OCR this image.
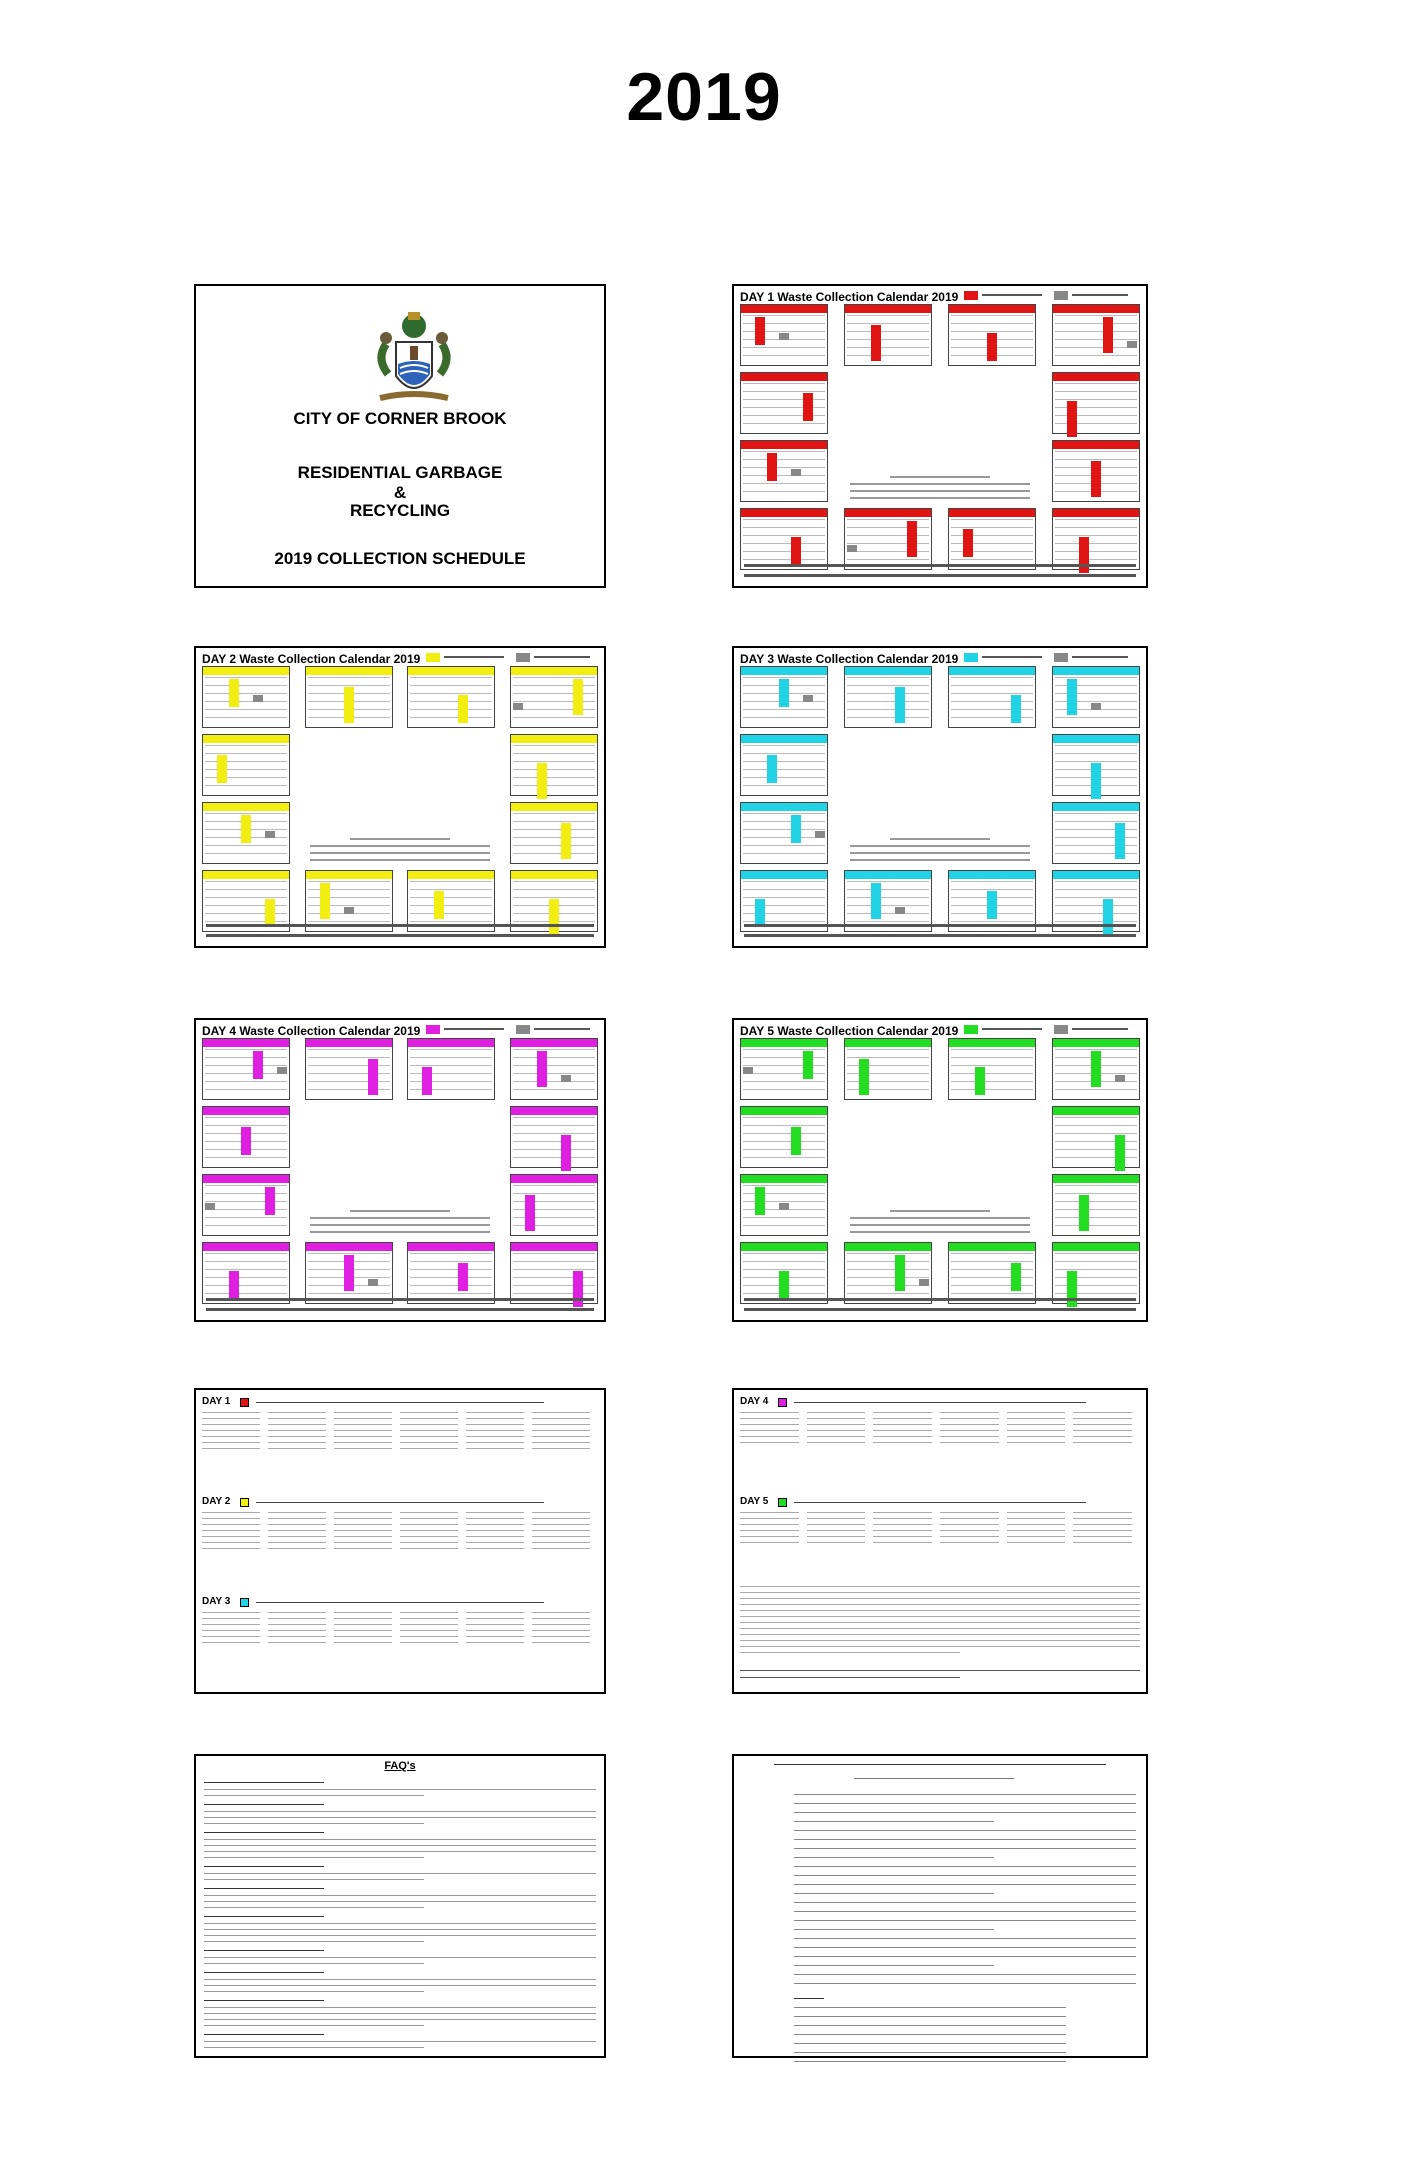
2019
CITY OF CORNER BROOK
RESIDENTIAL GARBAGE
&
RECYCLING
2019 COLLECTION SCHEDULE
DAY 1 Waste Collection Calendar 2019
DAY 2 Waste Collection Calendar 2019	DAY 3 Waste Collection Calendar 2019
DAY 4 Waste Collection Calendar 2019	DAY 5 Waste Collection Calendar 2019
DAY 1
DAY 2
DAY 3
DAY 4
DAY 5
FAQ's
